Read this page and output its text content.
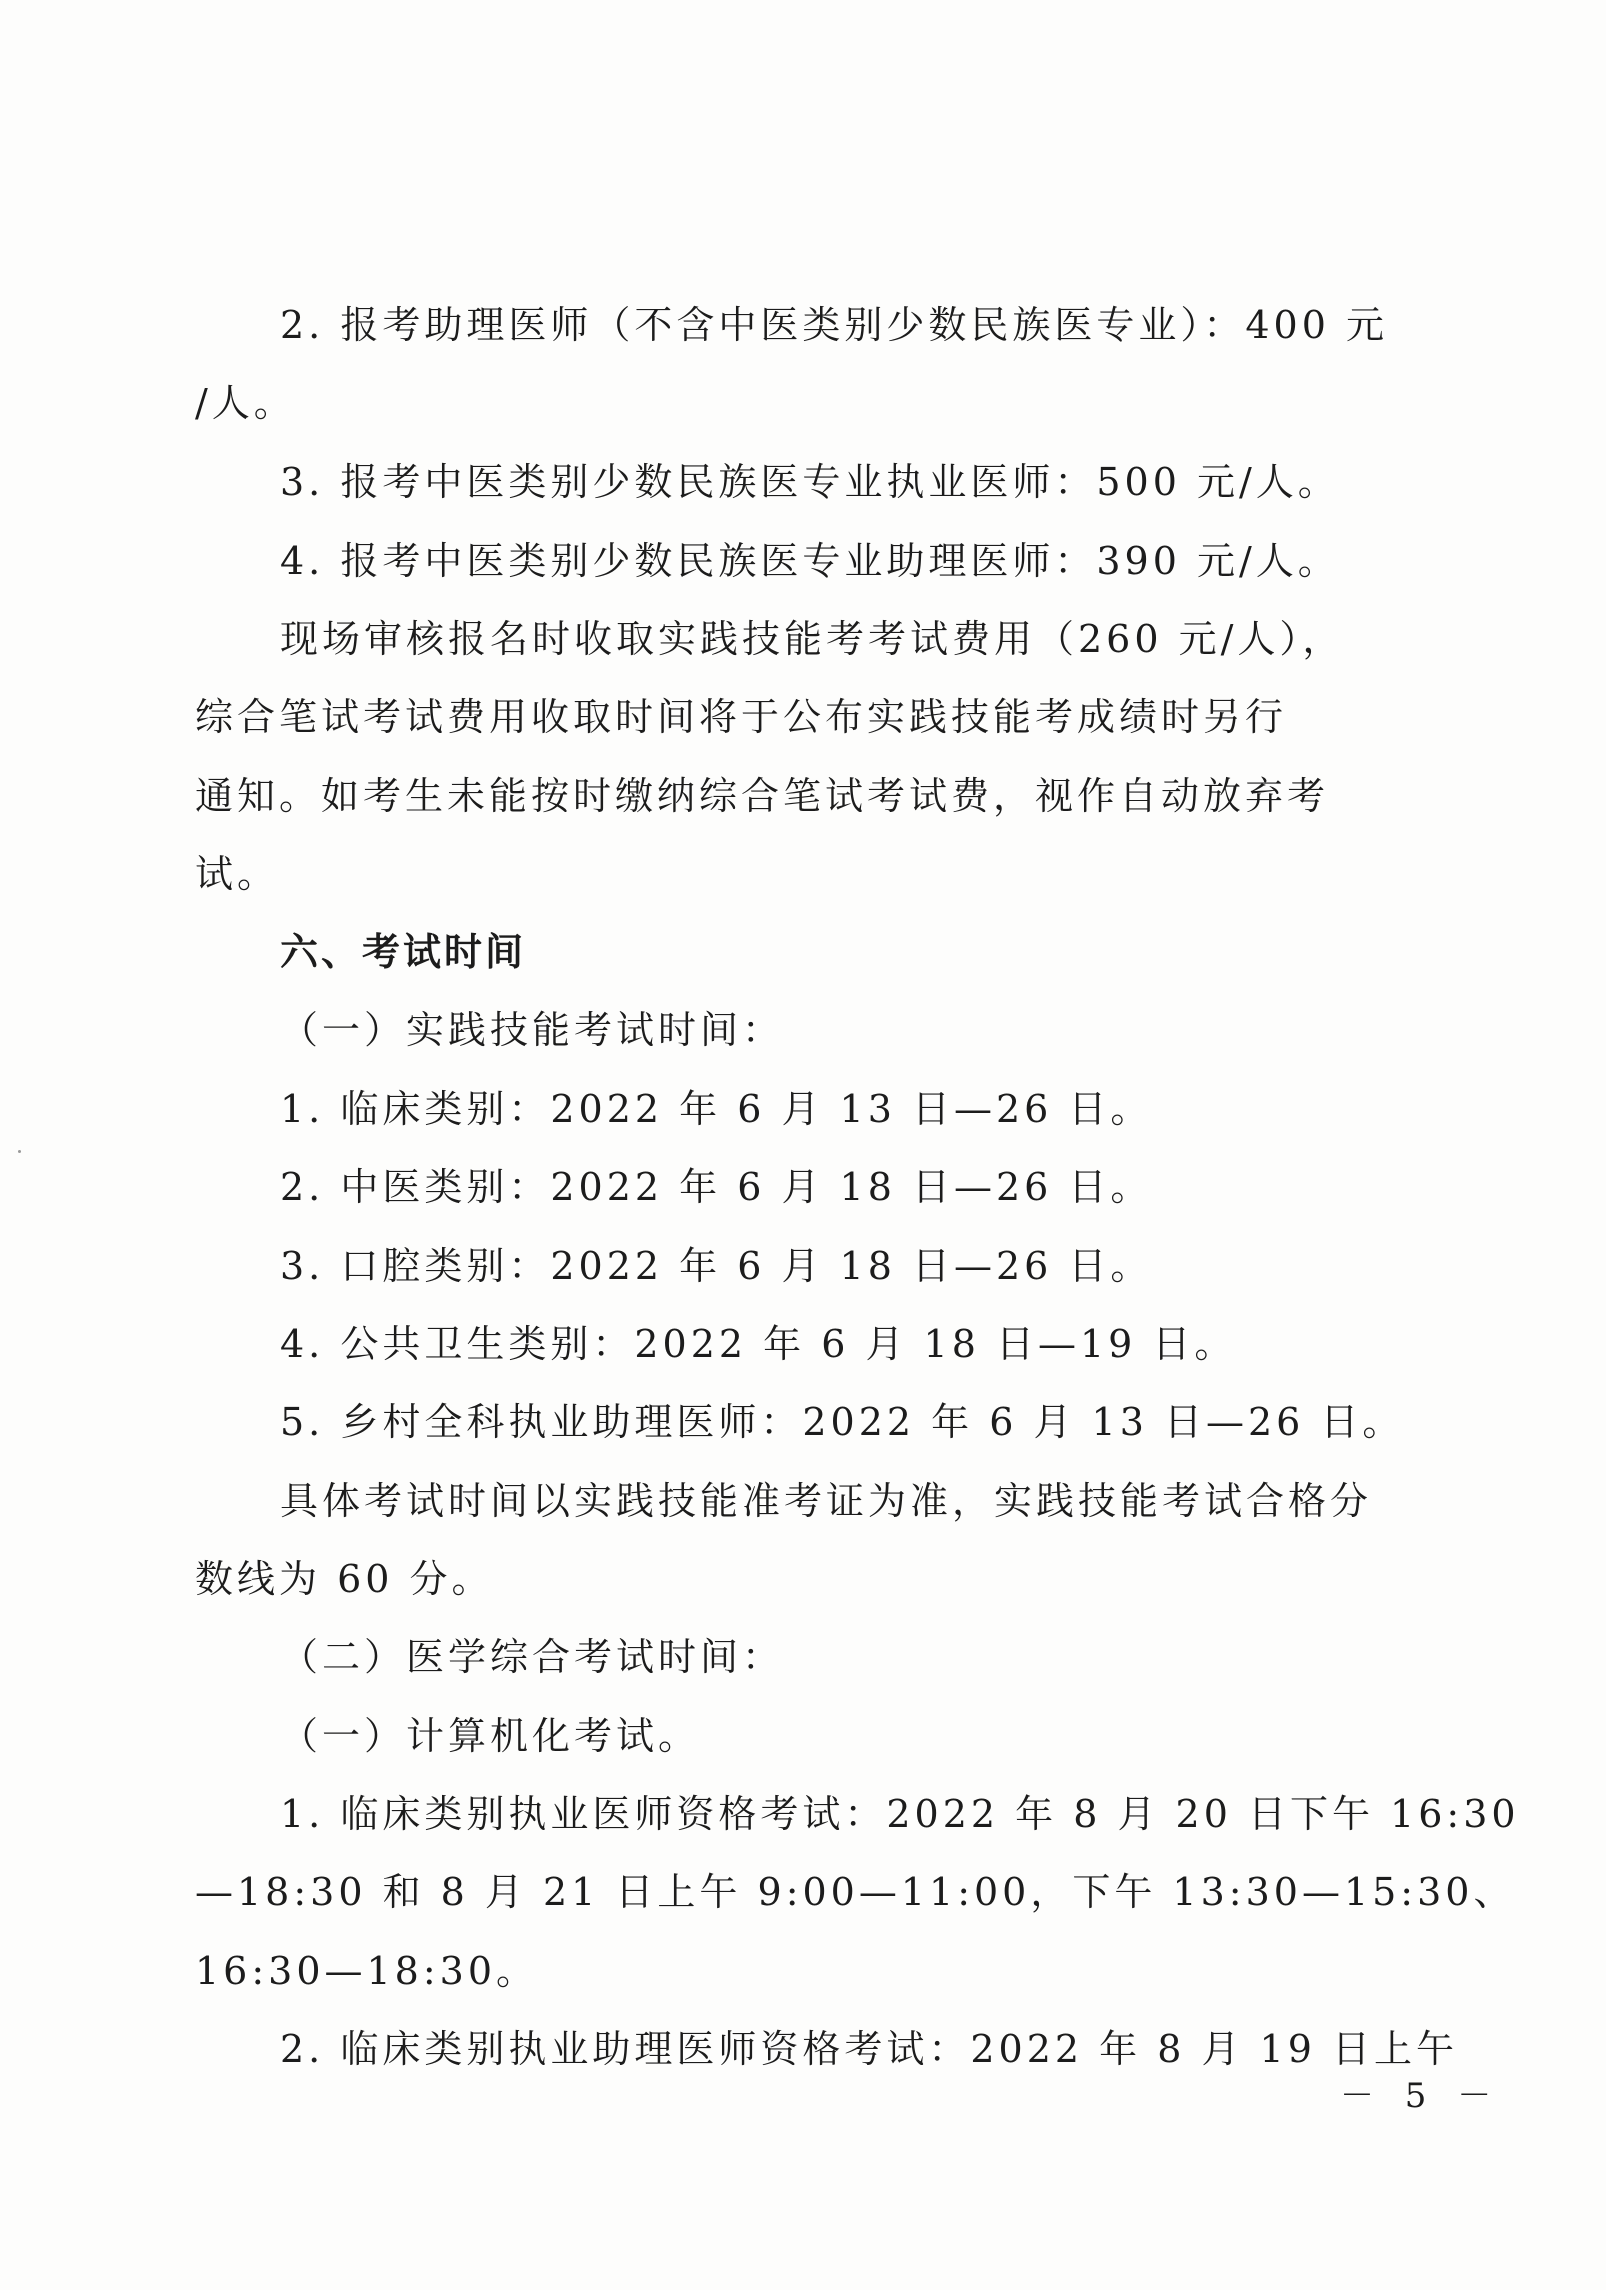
2. 报考助理医师（不含中医类别少数民族医专业）：400 元

/人。

3. 报考中医类别少数民族医专业执业医师：500 元/人。

4. 报考中医类别少数民族医专业助理医师：390 元/人。

现场审核报名时收取实践技能考考试费用（260 元/人），

综合笔试考试费用收取时间将于公布实践技能考成绩时另行

通知。如考生未能按时缴纳综合笔试考试费，视作自动放弃考

试。

六、考试时间

（一）实践技能考试时间：

1. 临床类别：2022 年 6 月 13 日—26 日。

2. 中医类别：2022 年 6 月 18 日—26 日。

3. 口腔类别：2022 年 6 月 18 日—26 日。

4. 公共卫生类别：2022 年 6 月 18 日—19 日。

5. 乡村全科执业助理医师：2022 年 6 月 13 日—26 日。

具体考试时间以实践技能准考证为准，实践技能考试合格分

数线为 60 分。

（二）医学综合考试时间：

（一）计算机化考试。

1. 临床类别执业医师资格考试：2022 年 8 月 20 日下午 16:30

—18:30 和 8 月 21 日上午 9:00—11:00，下午 13:30—15:30、

16:30—18:30。

2. 临床类别执业助理医师资格考试：2022 年 8 月 19 日上午

－ 5 －
